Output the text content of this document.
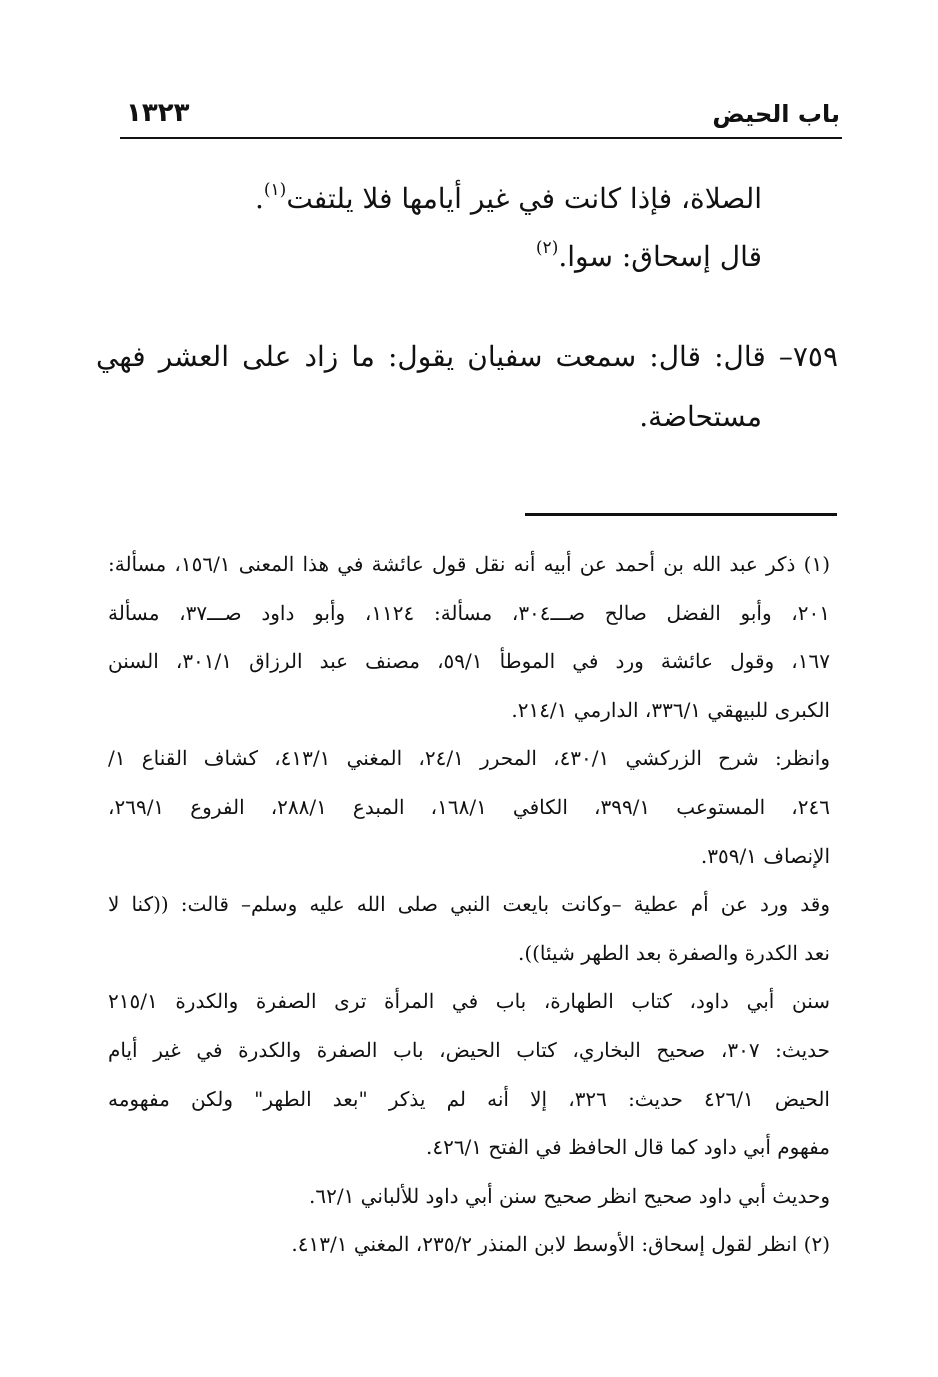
١٣٢٣	باب الحيض
الصلاة، فإذا كانت في غير أيامها فلا يلتفت$^{(١)}$.
قال إسحاق: سوا.$^{(٢)}$
٧٥٩– قال: قال: سمعت سفيان يقول: ما زاد على العشر فهي
مستحاضة.
(١) ذكر عبد الله بن أحمد عن أبيه أنه نقل قول عائشة في هذا المعنى ١٥٦/١، مسألة:
٢٠١، وأبو الفضل صالح صـــ٣٠٤، مسألة: ١١٢٤، وأبو داود صـــ٣٧، مسألة
١٦٧، وقول عائشة ورد في الموطأ ٥٩/١، مصنف عبد الرزاق ٣٠١/١، السنن
الكبرى للبيهقي ٣٣٦/١، الدارمي ٢١٤/١.
وانظر: شرح الزركشي ٤٣٠/١، المحرر ٢٤/١، المغني ٤١٣/١، كشاف القناع ١/
٢٤٦، المستوعب ٣٩٩/١، الكافي ١٦٨/١، المبدع ٢٨٨/١، الفروع ٢٦٩/١،
الإنصاف ٣٥٩/١.
وقد ورد عن أم عطية –وكانت بايعت النبي صلى الله عليه وسلم– قالت: ((كنا لا
نعد الكدرة والصفرة بعد الطهر شيئا)).
سنن أبي داود، كتاب الطهارة، باب في المرأة ترى الصفرة والكدرة ٢١٥/١
حديث: ٣٠٧، صحيح البخاري، كتاب الحيض، باب الصفرة والكدرة في غير أيام
الحيض ٤٢٦/١ حديث: ٣٢٦، إلا أنه لم يذكر "بعد الطهر" ولكن مفهومه
مفهوم أبي داود كما قال الحافظ في الفتح ٤٢٦/١.
وحديث أبي داود صحيح انظر صحيح سنن أبي داود للألباني ٦٢/١.
(٢) انظر لقول إسحاق: الأوسط لابن المنذر ٢٣٥/٢، المغني ٤١٣/١.
